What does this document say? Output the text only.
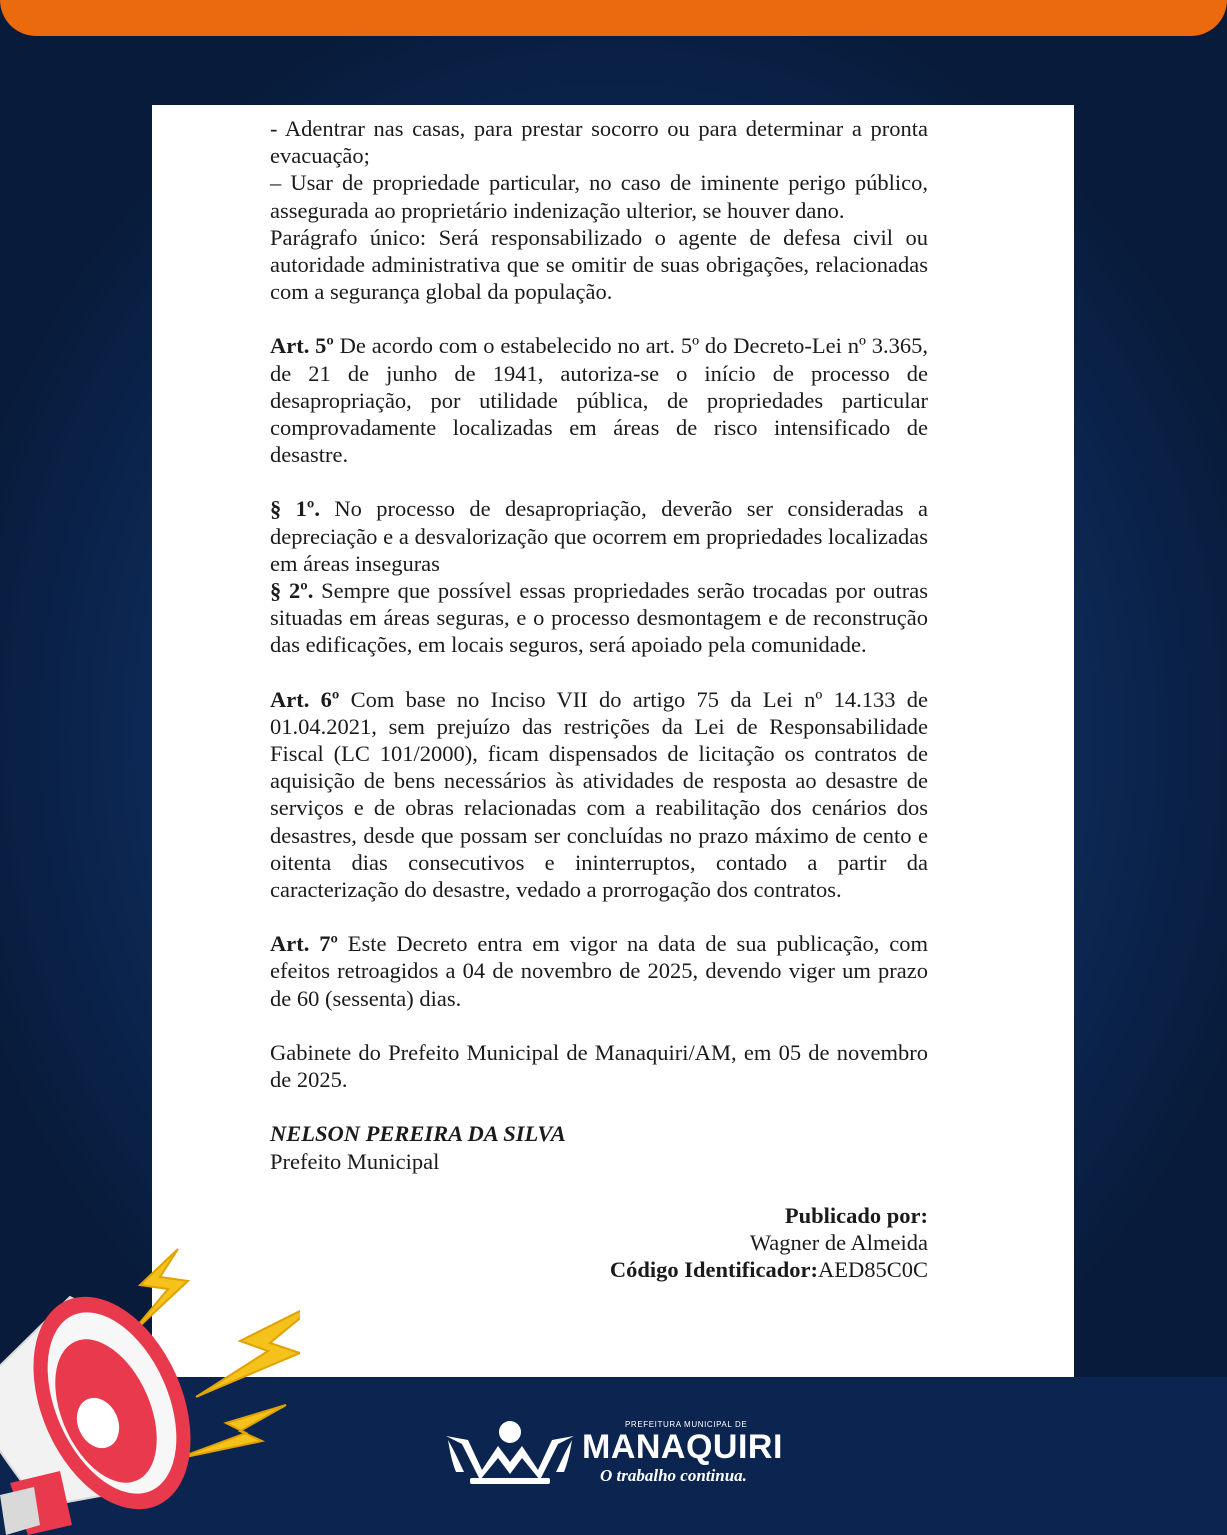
- Adentrar nas casas, para prestar socorro ou para determinar a pronta evacuação;

– Usar de propriedade particular, no caso de iminente perigo público, assegurada ao proprietário indenização ulterior, se houver dano.

Parágrafo único: Será responsabilizado o agente de defesa civil ou autoridade administrativa que se omitir de suas obrigações, relacionadas com a segurança global da população.

Art. 5º De acordo com o estabelecido no art. 5º do Decreto-Lei nº 3.365, de 21 de junho de 1941, autoriza-se o início de processo de desapropriação, por utilidade pública, de propriedades particular comprovadamente localizadas em áreas de risco intensificado de desastre.

§ 1º. No processo de desapropriação, deverão ser consideradas a depreciação e a desvalorização que ocorrem em propriedades localizadas em áreas inseguras

§ 2º. Sempre que possível essas propriedades serão trocadas por outras situadas em áreas seguras, e o processo desmontagem e de reconstrução das edificações, em locais seguros, será apoiado pela comunidade.

Art. 6º Com base no Inciso VII do artigo 75 da Lei nº 14.133 de 01.04.2021, sem prejuízo das restrições da Lei de Responsabilidade Fiscal (LC 101/2000), ficam dispensados de licitação os contratos de aquisição de bens necessários às atividades de resposta ao desastre de serviços e de obras relacionadas com a reabilitação dos cenários dos desastres, desde que possam ser concluídas no prazo máximo de cento e oitenta dias consecutivos e ininterruptos, contado a partir da caracterização do desastre, vedado a prorrogação dos contratos.

Art. 7º Este Decreto entra em vigor na data de sua publicação, com efeitos retroagidos a 04 de novembro de 2025, devendo viger um prazo de 60 (sessenta) dias.

Gabinete do Prefeito Municipal de Manaquiri/AM, em 05 de novembro de 2025.

NELSON PEREIRA DA SILVA

Prefeito Municipal

Publicado por:

Wagner de Almeida

Código Identificador:AED85C0C

PREFEITURA MUNICIPAL DE
MANAQUIRI
O trabalho continua.
